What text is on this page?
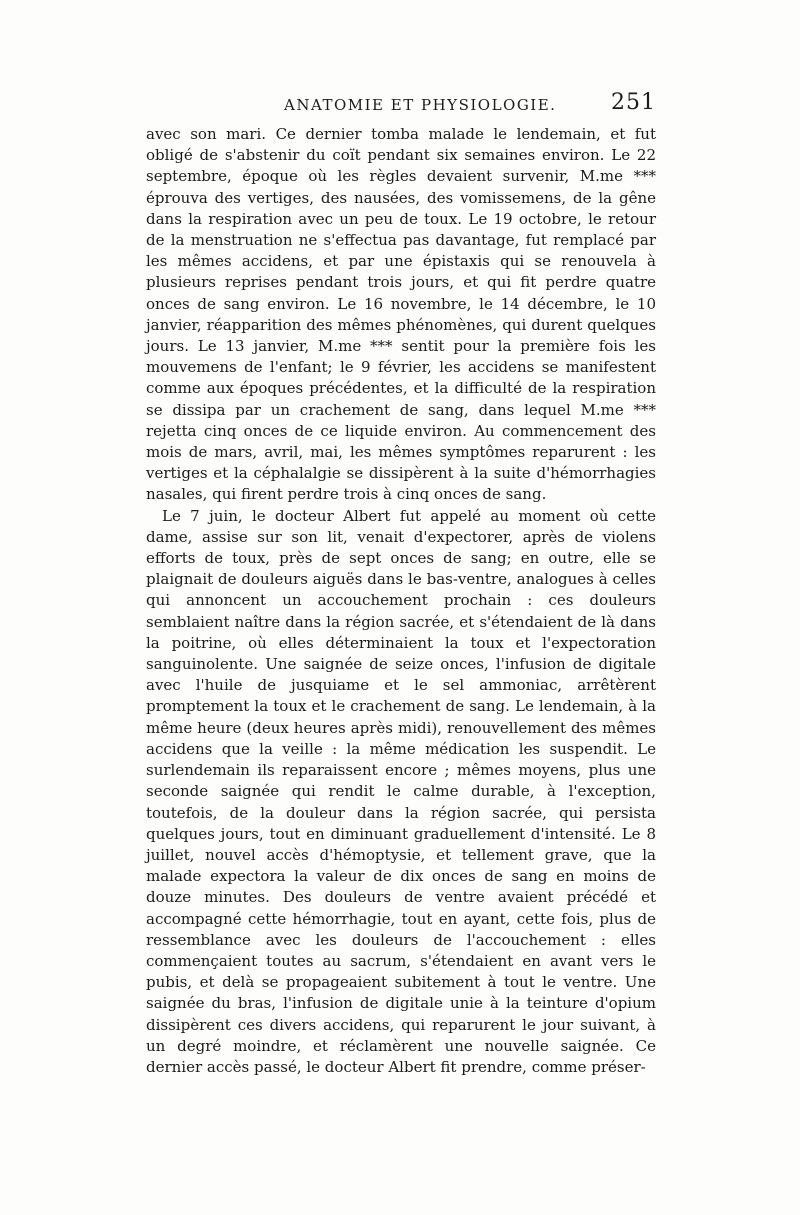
ANATOMIE ET PHYSIOLOGIE. 251

avec son mari. Ce dernier tomba malade le lendemain, et fut obligé de s'abstenir du coït pendant six semaines environ. Le 22 septembre, époque où les règles devaient survenir, M.me *** éprouva des vertiges, des nausées, des vomissemens, de la gêne dans la respiration avec un peu de toux. Le 19 octobre, le retour de la menstruation ne s'effectua pas davantage, fut remplacé par les mêmes accidens, et par une épistaxis qui se renouvela à plusieurs reprises pendant trois jours, et qui fit perdre quatre onces de sang environ. Le 16 novembre, le 14 décembre, le 10 janvier, réapparition des mêmes phénomènes, qui durent quelques jours. Le 13 janvier, M.me *** sentit pour la première fois les mouvemens de l'enfant; le 9 février, les accidens se manifestent comme aux époques précédentes, et la difficulté de la respiration se dissipa par un crachement de sang, dans lequel M.me *** rejetta cinq onces de ce liquide environ. Au commencement des mois de mars, avril, mai, les mêmes symptômes reparurent : les vertiges et la céphalalgie se dissipèrent à la suite d'hémorrhagies nasales, qui firent perdre trois à cinq onces de sang.

Le 7 juin, le docteur Albert fut appelé au moment où cette dame, assise sur son lit, venait d'expectorer, après de violens efforts de toux, près de sept onces de sang; en outre, elle se plaignait de douleurs aiguës dans le bas-ventre, analogues à celles qui annoncent un accouchement prochain : ces douleurs semblaient naître dans la région sacrée, et s'étendaient de là dans la poitrine, où elles déterminaient la toux et l'expectoration sanguinolente. Une saignée de seize onces, l'infusion de digitale avec l'huile de jusquiame et le sel ammoniac, arrêtèrent promptement la toux et le crachement de sang. Le lendemain, à la même heure (deux heures après midi), renouvellement des mêmes accidens que la veille : la même médication les suspendit. Le surlendemain ils reparaissent encore ; mêmes moyens, plus une seconde saignée qui rendit le calme durable, à l'exception, toutefois, de la douleur dans la région sacrée, qui persista quelques jours, tout en diminuant graduellement d'intensité. Le 8 juillet, nouvel accès d'hémoptysie, et tellement grave, que la malade expectora la valeur de dix onces de sang en moins de douze minutes. Des douleurs de ventre avaient précédé et accompagné cette hémorrhagie, tout en ayant, cette fois, plus de ressemblance avec les douleurs de l'accouchement : elles commençaient toutes au sacrum, s'étendaient en avant vers le pubis, et delà se propageaient subitement à tout le ventre. Une saignée du bras, l'infusion de digitale unie à la teinture d'opium dissipèrent ces divers accidens, qui reparurent le jour suivant, à un degré moindre, et réclamèrent une nouvelle saignée. Ce dernier accès passé, le docteur Albert fit prendre, comme préser-
